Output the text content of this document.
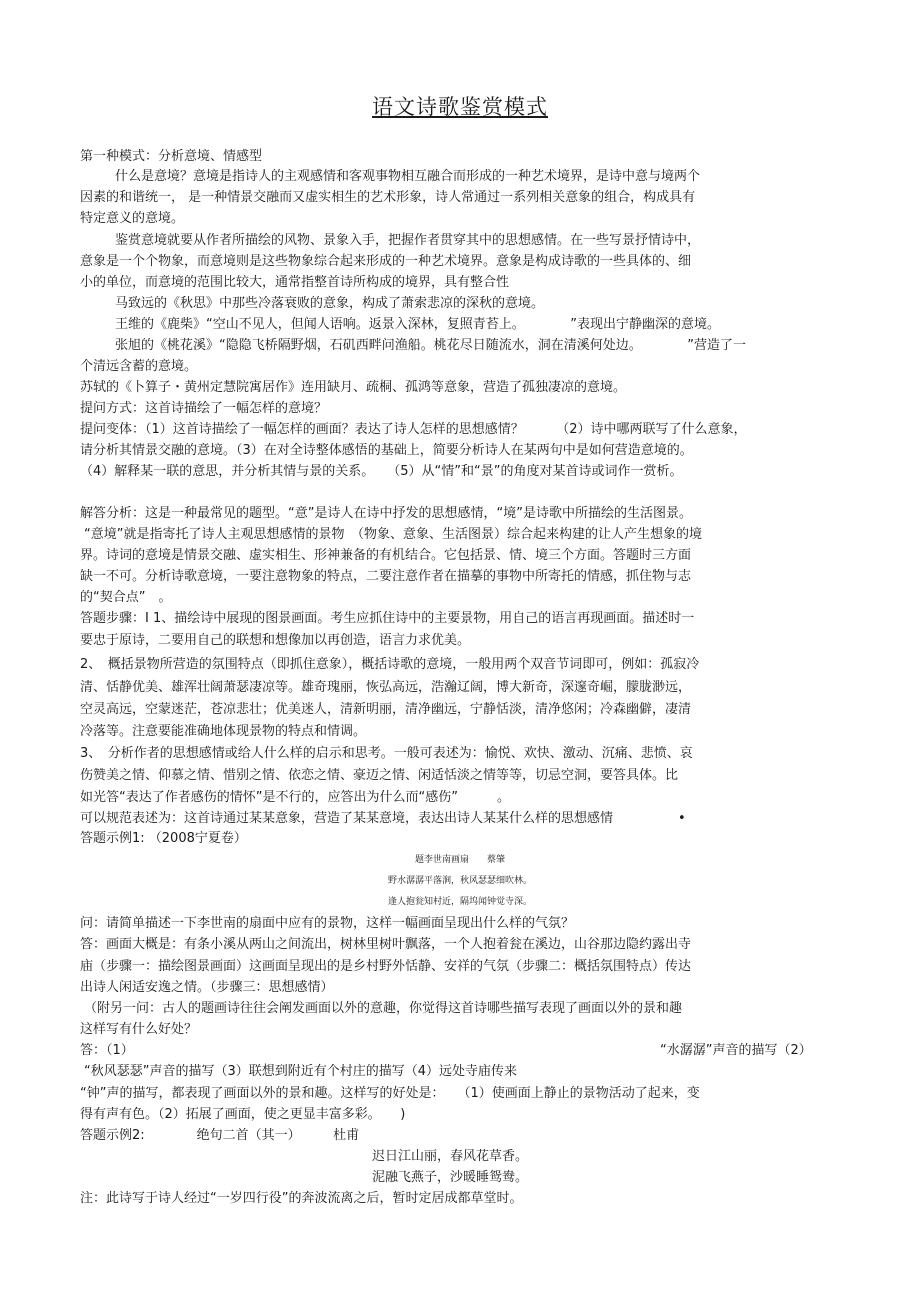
语文诗歌鉴赏模式
第一种模式：分析意境、情感型
什么是意境？意境是指诗人的主观感情和客观事物相互融合而形成的一种艺术境界，是诗中意与境两个
因素的和谐统一， 是一种情景交融而又虚实相生的艺术形象，诗人常通过一系列相关意象的组合，构成具有
特定意义的意境。
鉴赏意境就要从作者所描绘的风物、景象入手，把握作者贯穿其中的思想感情。在一些写景抒情诗中，
意象是一个个物象，而意境则是这些物象综合起来形成的一种艺术境界。意象是构成诗歌的一些具体的、细
小的单位，而意境的范围比较大，通常指整首诗所构成的境界，具有整合性
马致远的《秋思》中那些冷落衰败的意象，构成了萧索悲凉的深秋的意境。
王维的《鹿柴》“空山不见人，但闻人语响。返景入深林，复照青苔上。　　　　”表现出宁静幽深的意境。
张旭的《桃花溪》“隐隐飞桥隔野烟，石矶西畔问渔船。桃花尽日随流水，洞在清溪何处边。　　　　”营造了一
个清远含蓄的意境。
苏轼的《卜算子・黄州定慧院寓居作》连用缺月、疏桐、孤鸿等意象，营造了孤独凄凉的意境。
提问方式：这首诗描绘了一幅怎样的意境？
提问变体：（1）这首诗描绘了一幅怎样的画面？表达了诗人怎样的思想感情？　　　（2）诗中哪两联写了什么意象，
请分析其情景交融的意境。（3）在对全诗整体感悟的基础上，简要分析诗人在某两句中是如何营造意境的。
（4）解释某一联的意思，并分析其情与景的关系。　　（5）从“情”和“景”的角度对某首诗或词作一赏析。
解答分析：这是一种最常见的题型。“意”是诗人在诗中抒发的思想感情，“境”是诗歌中所描绘的生活图景。
“意境”就是指寄托了诗人主观思想感情的景物　（物象、意象、生活图景）综合起来构建的让人产生想象的境
界。诗词的意境是情景交融、虚实相生、形神兼备的有机结合。它包括景、情、境三个方面。答题时三方面
缺一不可。分析诗歌意境，一要注意物象的特点，二要注意作者在描摹的事物中所寄托的情感，抓住物与志
的“契合点”　。
答题步骤：Ⅰ 1、描绘诗中展现的图景画面。考生应抓住诗中的主要景物，用自己的语言再现画面。描述时一
要忠于原诗，二要用自己的联想和想像加以再创造，语言力求优美。
2、　概括景物所营造的氛围特点（即抓住意象），概括诗歌的意境，一般用两个双音节词即可，例如：孤寂冷
清、恬静优美、雄浑壮阔萧瑟凄凉等。雄奇瑰丽，恢弘高远，浩瀚辽阔，博大新奇，深邃奇崛，朦胧渺远，
空灵高远，空蒙迷茫，苍凉悲壮；优美迷人，清新明丽，清净幽远，宁静恬淡，清净悠闲；冷森幽僻，凄清
冷落等。注意要能准确地体现景物的特点和情调。
3、　分析作者的思想感情或给人什么样的启示和思考。一般可表述为：愉悦、欢快、激动、沉痛、悲愤、哀
伤赞美之情、仰慕之情、惜别之情、依恋之情、豪迈之情、闲适恬淡之情等等，切忌空洞，要答具体。比
如光答“表达了作者感伤的情怀”是不行的，应答出为什么而“感伤”　　　。
可以规范表述为：这首诗通过某某意象，营造了某某意境，表达出诗人某某什么样的思想感情　　　　　•
答题示例1: （2008宁夏卷）
题李世南画扇　　蔡肇
野水潺潺平落涧，秋风瑟瑟细吹林。
逢人抱瓮知村近，隔坞闻钟觉寺深。
问：请简单描述一下李世南的扇面中应有的景物，这样一幅画面呈现出什么样的气氛？
答：画面大概是：有条小溪从两山之间流出，树林里树叶飘落，一个人抱着瓮在溪边，山谷那边隐约露出寺
庙（步骤一：描绘图景画面）这画面呈现出的是乡村野外恬静、安祥的气氛（步骤二：概括氛围特点）传达
出诗人闲适安逸之情。（步骤三：思想感情）
（附另一问：古人的题画诗往往会阐发画面以外的意趣，你觉得这首诗哪些描写表现了画面以外的景和趣
这样写有什么好处？
答：（1）	“水潺潺”声音的描写（2）
“秋风瑟瑟”声音的描写（3）联想到附近有个村庄的描写（4）远处寺庙传来
“钟”声的描写，都表现了画面以外的景和趣。这样写的好处是：　　（1）使画面上静止的景物活动了起来，变
得有声有色。（2）拓展了画面，使之更显丰富多彩。　　)
答题示例2:　　　　绝句二首（其一）　　　杜甫
迟日江山丽，春风花草香。
泥融飞燕子，沙暖睡鸳鸯。
注：此诗写于诗人经过“一岁四行役”的奔波流离之后，暂时定居成都草堂时。
